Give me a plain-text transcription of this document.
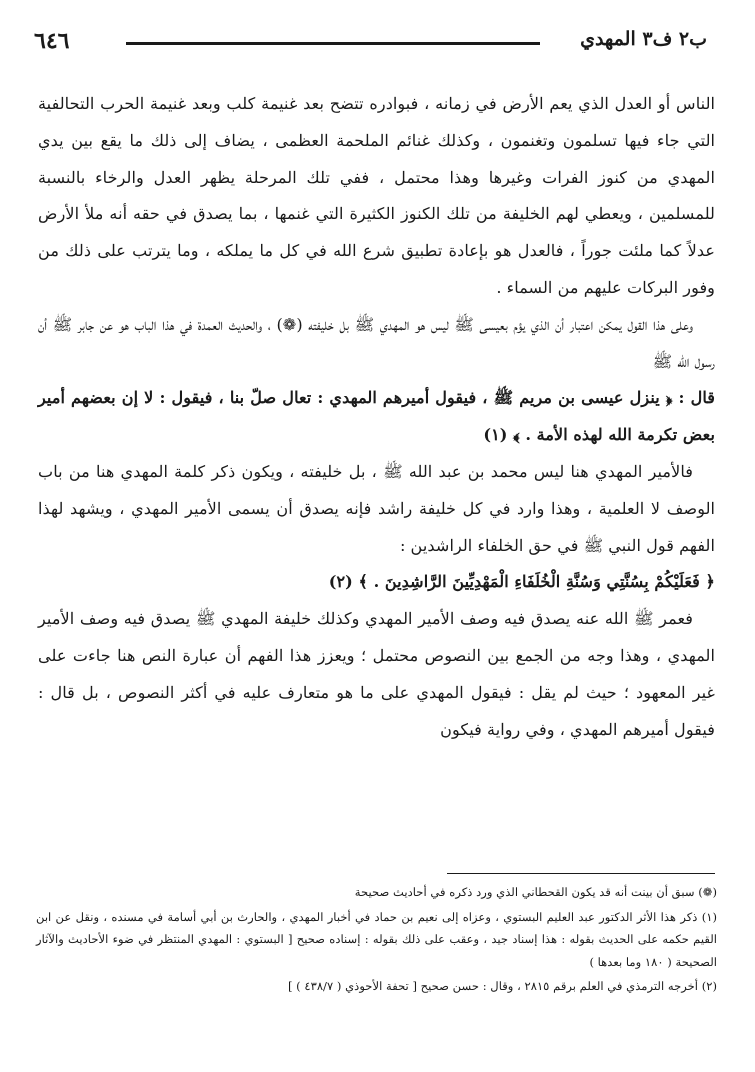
٦٤٦	ب٢ ف٣ المهدي

الناس أو العدل الذي يعم الأرض في زمانه ، فبوادره تتضح بعد غنيمة كلب وبعد غنيمة الحرب التحالفية التي جاء فيها تسلمون وتغنمون ، وكذلك غنائم الملحمة العظمى ، يضاف إلى ذلك ما يقع بين يدي المهدي من كنوز الفرات وغيرها وهذا محتمل ، ففي تلك المرحلة يظهر العدل والرخاء بالنسبة للمسلمين ، ويعطي لهم الخليفة من تلك الكنوز الكثيرة التي غنمها ، بما يصدق في حقه أنه ملأ الأرض عدلاً كما ملئت جوراً ، فالعدل هو بإعادة تطبيق شرع الله في كل ما يملكه ، وما يترتب على ذلك من وفور البركات عليهم من السماء .

وعلى هذا القول يمكن اعتبار أن الذي يؤم بعيسى ﷺ ليس هو المهدي ﷺ بل خليفته (❁) ، والحديث العمدة في هذا الباب هو عن جابر ﷺ أن رسول الله ﷺ

قال : ﴿ ينزل عيسى بن مريم ﷺ ، فيقول أميرهم المهدي : تعال صلّ بنا ، فيقول : لا إن بعضهم أمير بعض تكرمة الله لهذه الأمة . ﴾ (١)

فالأمير المهدي هنا ليس محمد بن عبد الله ﷺ ، بل خليفته ، ويكون ذكر كلمة المهدي هنا من باب الوصف لا العلمية ، وهذا وارد في كل خليفة راشد فإنه يصدق أن يسمى الأمير المهدي ، ويشهد لهذا الفهم قول النبي ﷺ في حق الخلفاء الراشدين :

﴿ فَعَلَيْكُمْ بِسُنَّتِي وَسُنَّةِ الْخُلَفَاءِ الْمَهْدِيِّينَ الرَّاشِدِينَ . ﴾ (٢)

فعمر ﷺ الله عنه يصدق فيه وصف الأمير المهدي وكذلك خليفة المهدي ﷺ يصدق فيه وصف الأمير المهدي ، وهذا وجه من الجمع بين النصوص محتمل ؛ ويعزز هذا الفهم أن عبارة النص هنا جاءت على غير المعهود ؛ حيث لم يقل : فيقول المهدي على ما هو متعارف عليه في أكثر النصوص ، بل قال : فيقول أميرهم المهدي ، وفي رواية فيكون

(❁) سبق أن بينت أنه قد يكون القحطاني الذي ورد ذكره في أحاديث صحيحة

(١) ذكر هذا الأثر الدكتور عبد العليم البستوي ، وعزاه إلى نعيم بن حماد في أخبار المهدي ، والحارث بن أبي أسامة في مسنده ، ونقل عن ابن القيم حكمه على الحديث بقوله : هذا إسناد جيد ، وعقب على ذلك بقوله : إسناده صحيح [ البستوي : المهدي المنتظر في ضوء الأحاديث والآثار الصحيحة ( ١٨٠ وما بعدها )

(٢) أخرجه الترمذي في العلم برقم ٢٨١٥ ، وقال : حسن صحيح [ تحفة الأحوذي ( ٤٣٨/٧ ) ]
